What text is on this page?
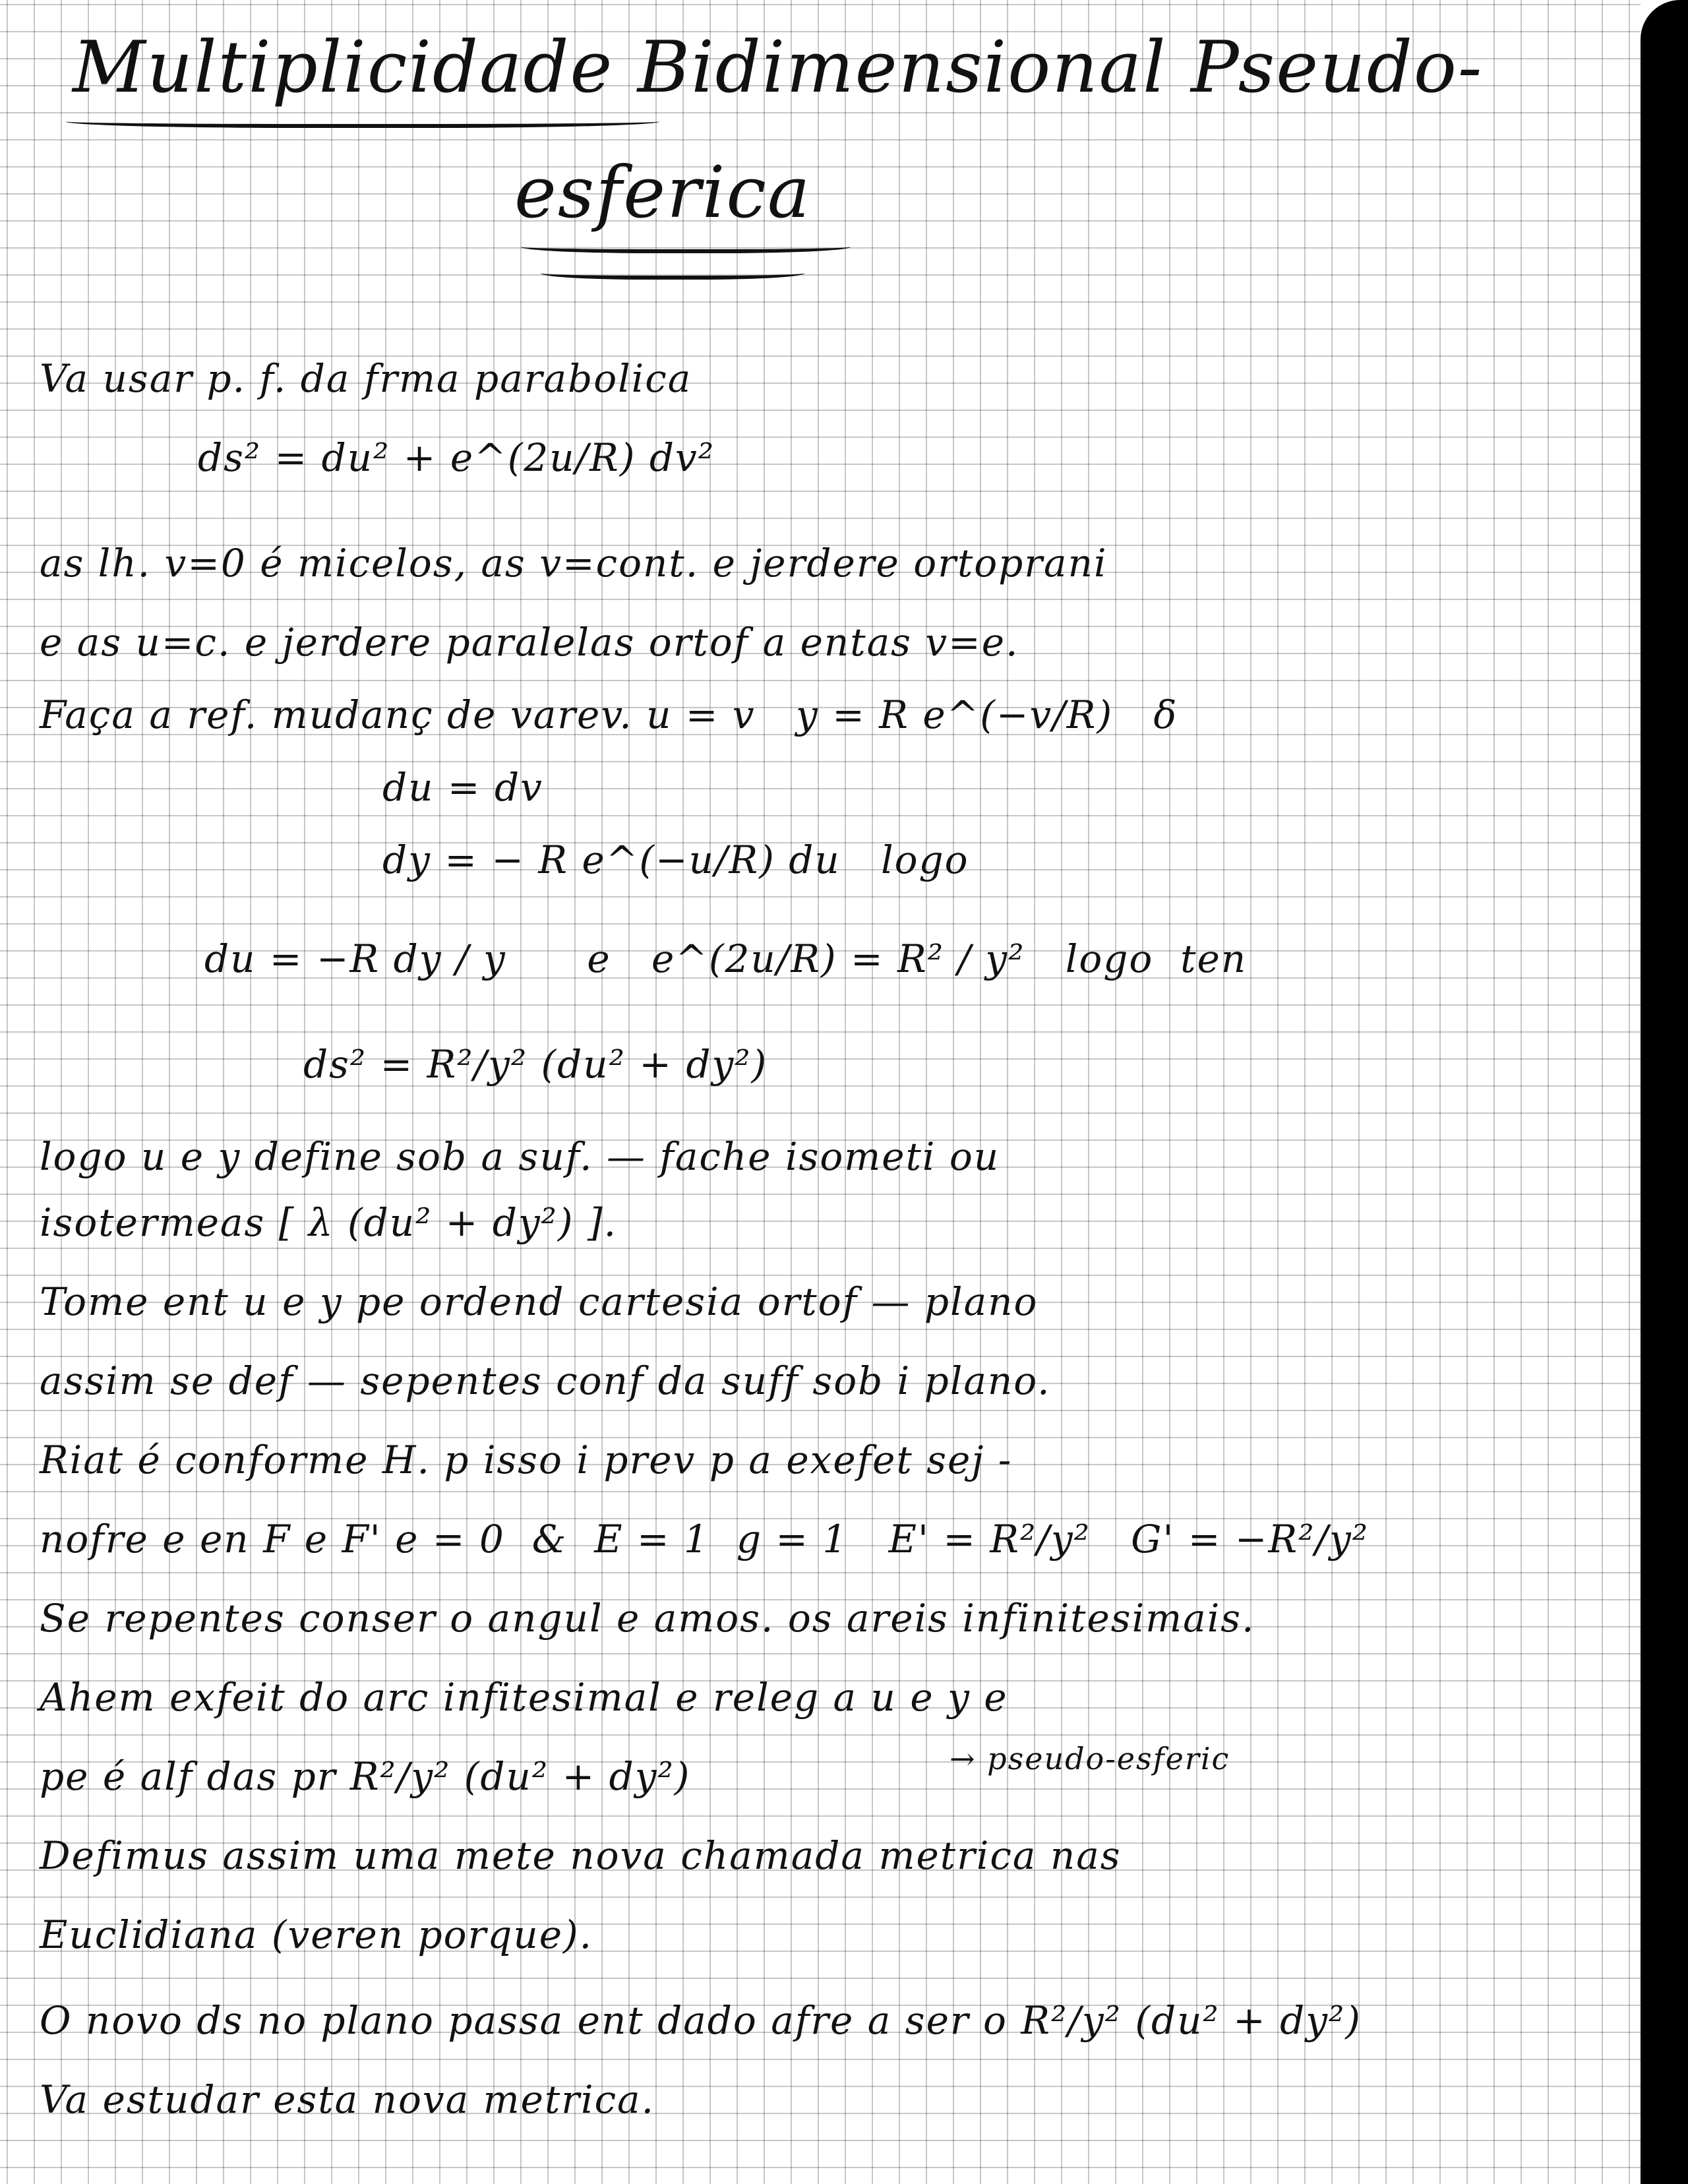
Multiplicidade Bidimensional Pseudo-
esferica
Va usar p. f. da frma parabolica
ds² = du² + e^(2u/R) dv²
as lh. v=0 é micelos, as v=cont. e jerdere ortoprani
e as u=c. e jerdere paralelas ortof a entas v=e.
Faça a ref. mudanç de varev. u = v   y = R e^(−v/R)   δ
du = dv
dy = − R e^(−u/R) du   logo
du = −R dy / y      e   e^(2u/R) = R² / y²   logo  ten
ds² = R²/y² (du² + dy²)
logo u e y define sob a suf. — fache isometi ou
isotermeas [ λ (du² + dy²) ].
Tome ent u e y pe ordend cartesia ortof — plano
assim se def — sepentes conf da suff sob i plano.
Riat é conforme H. p isso i prev p a exefet sej -
nofre e en F e F' e = 0  &  E = 1  g = 1   E' = R²/y²   G' = −R²/y²
Se repentes conser o angul e amos. os areis infinitesimais.
Ahem exfeit do arc infitesimal e releg a u e y e
pe é alf das pr R²/y² (du² + dy²)	→ pseudo-esferic
Defimus assim uma mete nova chamada metrica nas
Euclidiana (veren porque).
O novo ds no plano passa ent dado afre a ser o R²/y² (du² + dy²)
Va estudar esta nova metrica.
